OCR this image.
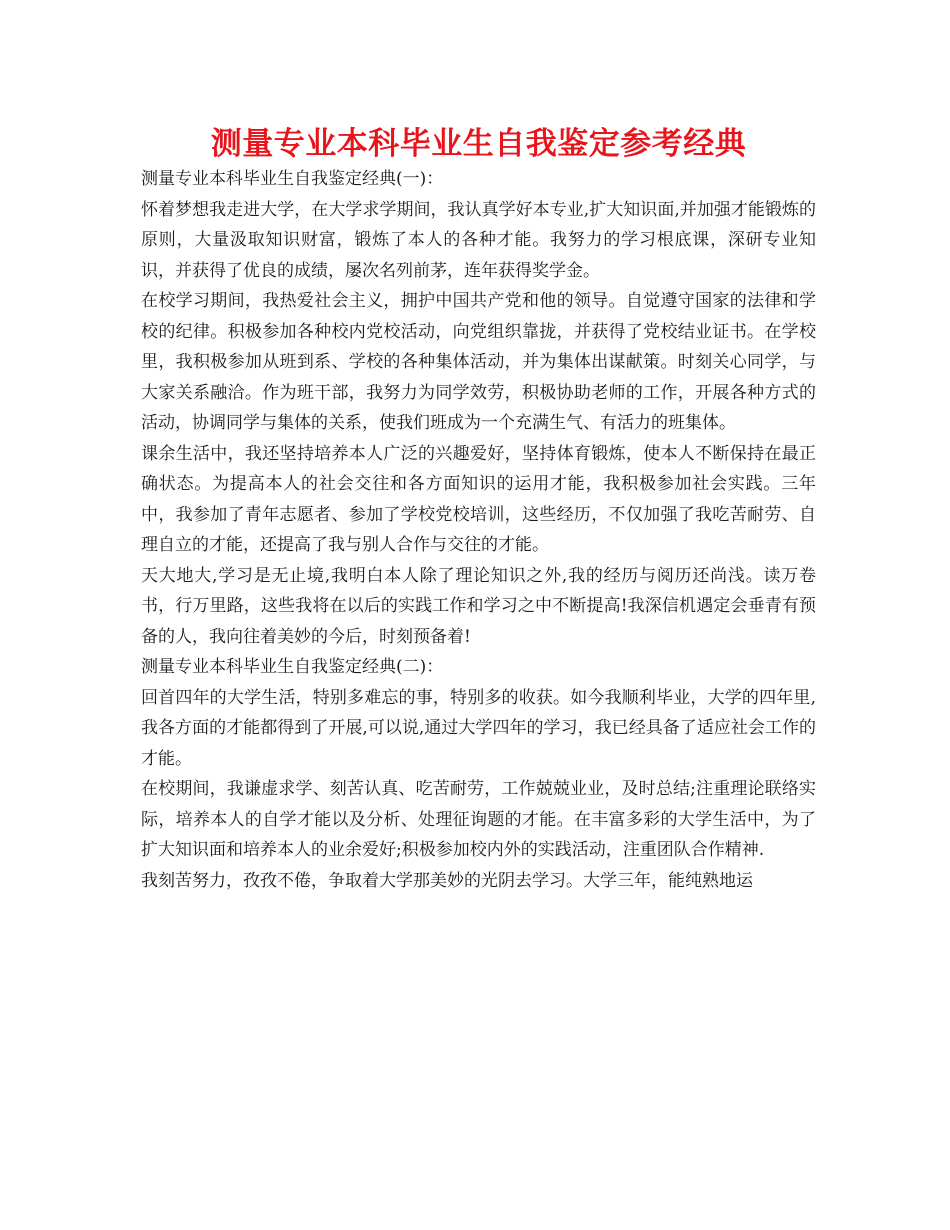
测量专业本科毕业生自我鉴定参考经典

测量专业本科毕业生自我鉴定经典(一)：

怀着梦想我走进大学，在大学求学期间，我认真学好本专业,扩大知识面,并加强才能锻炼的原则，大量汲取知识财富，锻炼了本人的各种才能。我努力的学习根底课，深研专业知识，并获得了优良的成绩，屡次名列前茅，连年获得奖学金。

在校学习期间，我热爱社会主义，拥护中国共产党和他的领导。自觉遵守国家的法律和学校的纪律。积极参加各种校内党校活动，向党组织靠拢，并获得了党校结业证书。在学校里，我积极参加从班到系、学校的各种集体活动，并为集体出谋献策。时刻关心同学，与大家关系融洽。作为班干部，我努力为同学效劳，积极协助老师的工作，开展各种方式的活动，协调同学与集体的关系，使我们班成为一个充满生气、有活力的班集体。

课余生活中，我还坚持培养本人广泛的兴趣爱好，坚持体育锻炼，使本人不断保持在最正确状态。为提高本人的社会交往和各方面知识的运用才能，我积极参加社会实践。三年中，我参加了青年志愿者、参加了学校党校培训，这些经历，不仅加强了我吃苦耐劳、自理自立的才能，还提高了我与别人合作与交往的才能。

天大地大,学习是无止境,我明白本人除了理论知识之外,我的经历与阅历还尚浅。读万卷书，行万里路，这些我将在以后的实践工作和学习之中不断提高!我深信机遇定会垂青有预备的人，我向往着美妙的今后，时刻预备着!

测量专业本科毕业生自我鉴定经典(二)：

回首四年的大学生活，特别多难忘的事，特别多的收获。如今我顺利毕业，大学的四年里,我各方面的才能都得到了开展,可以说,通过大学四年的学习，我已经具备了适应社会工作的才能。

在校期间，我谦虚求学、刻苦认真、吃苦耐劳，工作兢兢业业，及时总结;注重理论联络实际，培养本人的自学才能以及分析、处理征询题的才能。在丰富多彩的大学生活中，为了扩大知识面和培养本人的业余爱好;积极参加校内外的实践活动，注重团队合作精神.

我刻苦努力，孜孜不倦，争取着大学那美妙的光阴去学习。大学三年，能纯熟地运
